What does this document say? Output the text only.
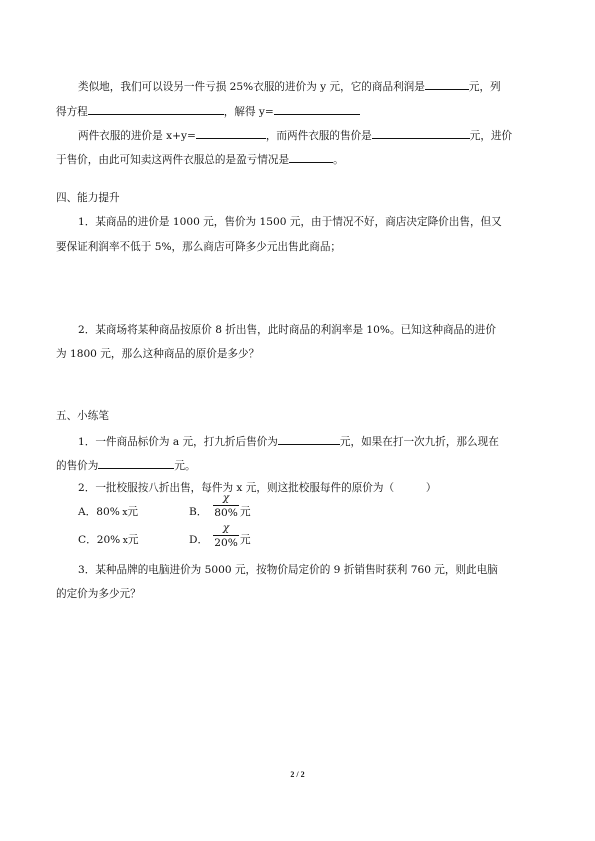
类似地，我们可以设另一件亏损 25%衣服的进价为 y 元，它的商品利润是	元，列
得方程	，解得 y=
两件衣服的进价是 x+y=	，而两件衣服的售价是	元，进价
于售价，由此可知卖这两件衣服总的是盈亏情况是	。
四、能力提升
1．某商品的进价是 1000 元，售价为 1500 元，由于情况不好，商店决定降价出售，但又
要保证利润率不低于 5%，那么商店可降多少元出售此商品；
2．某商场将某种商品按原价 8 折出售，此时商品的利润率是 10%。已知这种商品的进价
为 1800 元，那么这种商品的原价是多少？
五、小练笔
1．一件商品标价为 a 元，打九折后售价为	元，如果在打一次九折，那么现在
的售价为	元。
2．一批校服按八折出售，每件为 x 元，则这批校服每件的原价为（　　　）
A．80% x元	B．
χ
80% 元
C．20% x元	D．
χ
20% 元
3．某种品牌的电脑进价为 5000 元，按物价局定价的 9 折销售时获利 760 元，则此电脑
的定价为多少元？
2 / 2
